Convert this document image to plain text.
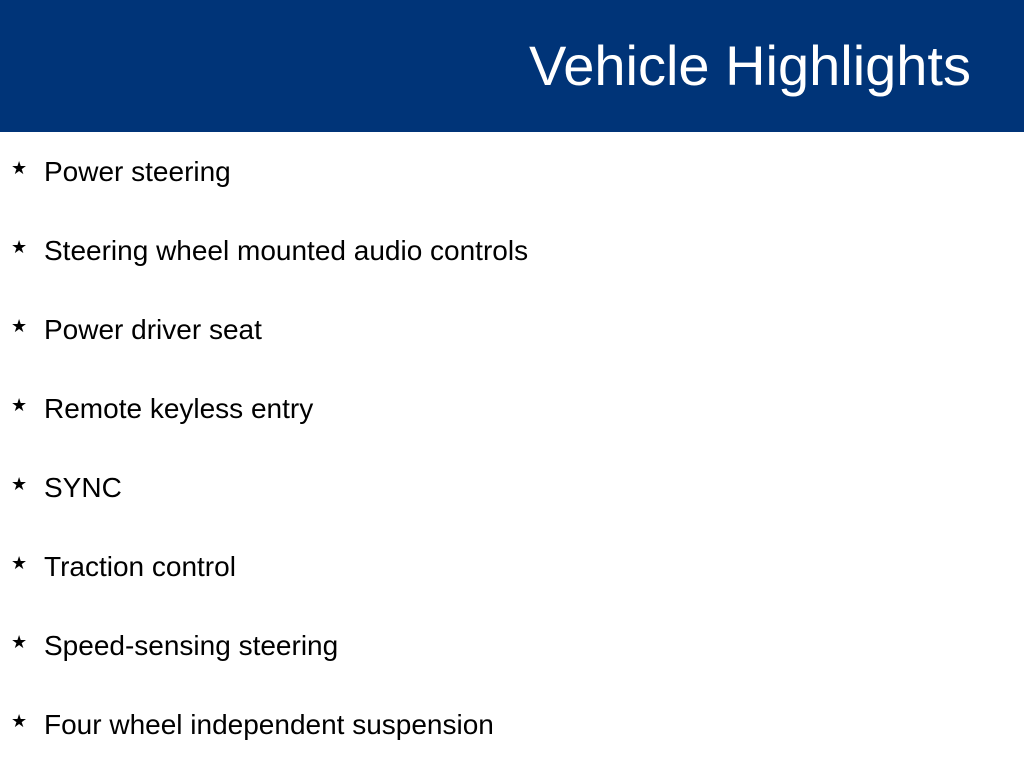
Vehicle Highlights
★ Power steering
★ Steering wheel mounted audio controls
★ Power driver seat
★ Remote keyless entry
★ SYNC
★ Traction control
★ Speed-sensing steering
★ Four wheel independent suspension
